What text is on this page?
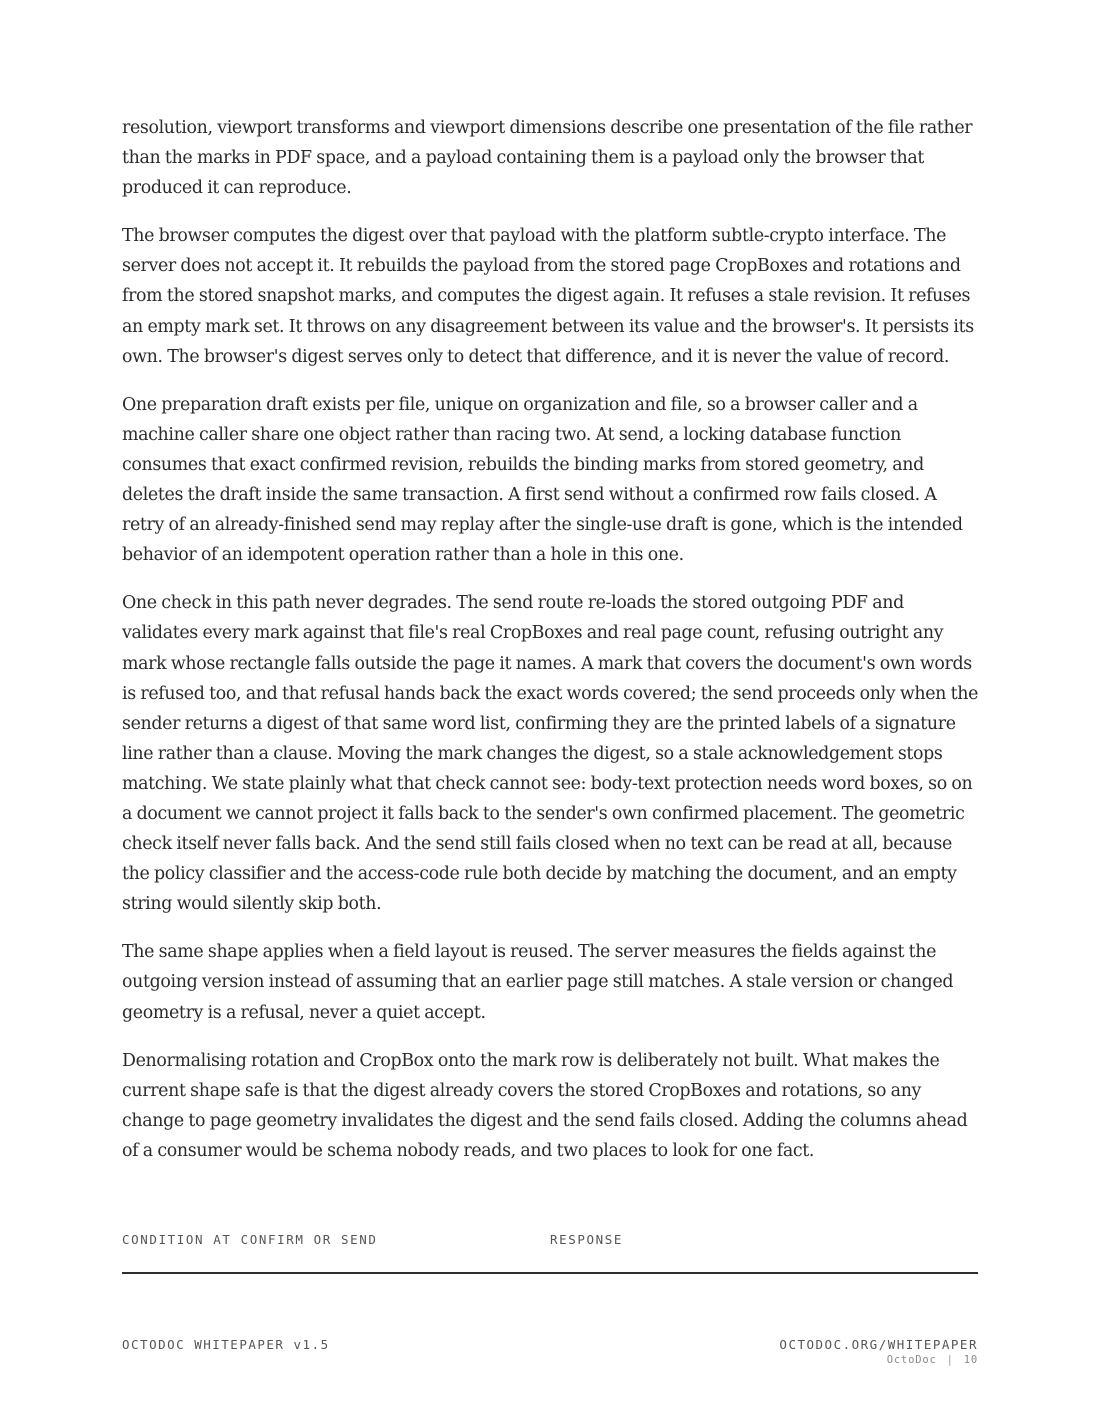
resolution, viewport transforms and viewport dimensions describe one presentation of the file rather than the marks in PDF space, and a payload containing them is a payload only the browser that produced it can reproduce.

The browser computes the digest over that payload with the platform subtle-crypto interface. The server does not accept it. It rebuilds the payload from the stored page CropBoxes and rotations and from the stored snapshot marks, and computes the digest again. It refuses a stale revision. It refuses an empty mark set. It throws on any disagreement between its value and the browser's. It persists its own. The browser's digest serves only to detect that difference, and it is never the value of record.

One preparation draft exists per file, unique on organization and file, so a browser caller and a machine caller share one object rather than racing two. At send, a locking database function consumes that exact confirmed revision, rebuilds the binding marks from stored geometry, and deletes the draft inside the same transaction. A first send without a confirmed row fails closed. A retry of an already-finished send may replay after the single-use draft is gone, which is the intended behavior of an idempotent operation rather than a hole in this one.

One check in this path never degrades. The send route re-loads the stored outgoing PDF and validates every mark against that file's real CropBoxes and real page count, refusing outright any mark whose rectangle falls outside the page it names. A mark that covers the document's own words is refused too, and that refusal hands back the exact words covered; the send proceeds only when the sender returns a digest of that same word list, confirming they are the printed labels of a signature line rather than a clause. Moving the mark changes the digest, so a stale acknowledgement stops matching. We state plainly what that check cannot see: body-text protection needs word boxes, so on a document we cannot project it falls back to the sender's own confirmed placement. The geometric check itself never falls back. And the send still fails closed when no text can be read at all, because the policy classifier and the access-code rule both decide by matching the document, and an empty string would silently skip both.

The same shape applies when a field layout is reused. The server measures the fields against the outgoing version instead of assuming that an earlier page still matches. A stale version or changed geometry is a refusal, never a quiet accept.

Denormalising rotation and CropBox onto the mark row is deliberately not built. What makes the current shape safe is that the digest already covers the stored CropBoxes and rotations, so any change to page geometry invalidates the digest and the send fails closed. Adding the columns ahead of a consumer would be schema nobody reads, and two places to look for one fact.

CONDITION AT CONFIRM OR SEND	RESPONSE
OCTODOC WHITEPAPER v1.5	OCTODOC.ORG/WHITEPAPER
OctoDoc | 10
